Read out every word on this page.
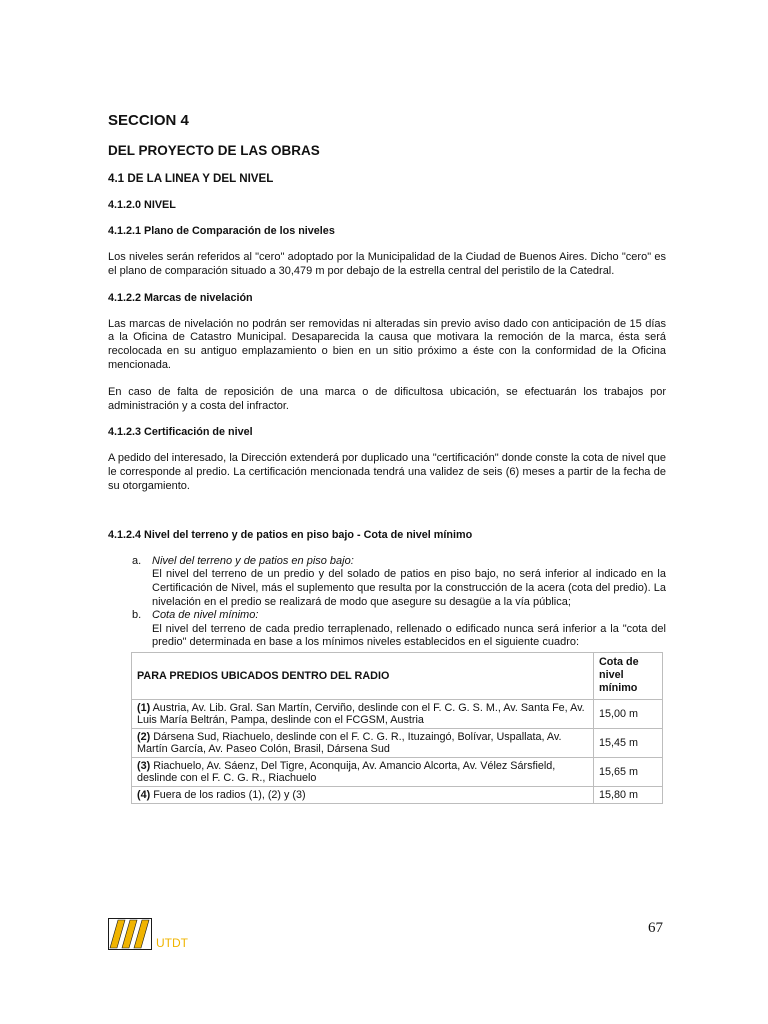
SECCION 4
DEL PROYECTO DE LAS OBRAS
4.1 DE LA LINEA Y DEL NIVEL
4.1.2.0 NIVEL
4.1.2.1 Plano de Comparación de los niveles

Los niveles serán referidos al "cero" adoptado por la Municipalidad de la Ciudad de Buenos Aires. Dicho "cero" es el plano de comparación situado a 30,479 m por debajo de la estrella central del peristilo de la Catedral.

4.1.2.2 Marcas de nivelación

Las marcas de nivelación no podrán ser removidas ni alteradas sin previo aviso dado con anticipación de 15 días a la Oficina de Catastro Municipal. Desaparecida la causa que motivara la remoción de la marca, ésta será recolocada en su antiguo emplazamiento o bien en un sitio próximo a éste con la conformidad de la Oficina mencionada.

En caso de falta de reposición de una marca o de dificultosa ubicación, se efectuarán los trabajos por administración y a costa del infractor.

4.1.2.3 Certificación de nivel

A pedido del interesado, la Dirección extenderá por duplicado una "certificación" donde conste la cota de nivel que le corresponde al predio. La certificación mencionada tendrá una validez de seis (6) meses a partir de la fecha de su otorgamiento.

4.1.2.4 Nivel del terreno y de patios en piso bajo - Cota de nivel mínimo
a. Nivel del terreno y de patios en piso bajo:
El nivel del terreno de un predio y del solado de patios en piso bajo, no será inferior al indicado en la Certificación de Nivel, más el suplemento que resulta por la construcción de la acera (cota del predio). La nivelación en el predio se realizará de modo que asegure su desagüe a la vía pública;
b. Cota de nivel mínimo:
El nivel del terreno de cada predio terraplenado, rellenado o edificado nunca será inferior a la "cota del predio" determinada en base a los mínimos niveles establecidos en el siguiente cuadro:
PARA PREDIOS UBICADOS DENTRO DEL RADIO	Cota de nivel mínimo
(1) Austria, Av. Lib. Gral. San Martín, Cerviño, deslinde con el F. C. G. S. M., Av. Santa Fe, Av. Luis María Beltrán, Pampa, deslinde con el FCGSM, Austria	15,00 m
(2) Dársena Sud, Riachuelo, deslinde con el F. C. G. R., Ituzaingó, Bolívar, Uspallata, Av. Martín García, Av. Paseo Colón, Brasil, Dársena Sud	15,45 m
(3) Riachuelo, Av. Sáenz, Del Tigre, Aconquija, Av. Amancio Alcorta, Av. Vélez Sársfield, deslinde con el F. C. G. R., Riachuelo	15,65 m
(4) Fuera de los radios (1), (2) y (3)	15,80 m
UTDT
67
